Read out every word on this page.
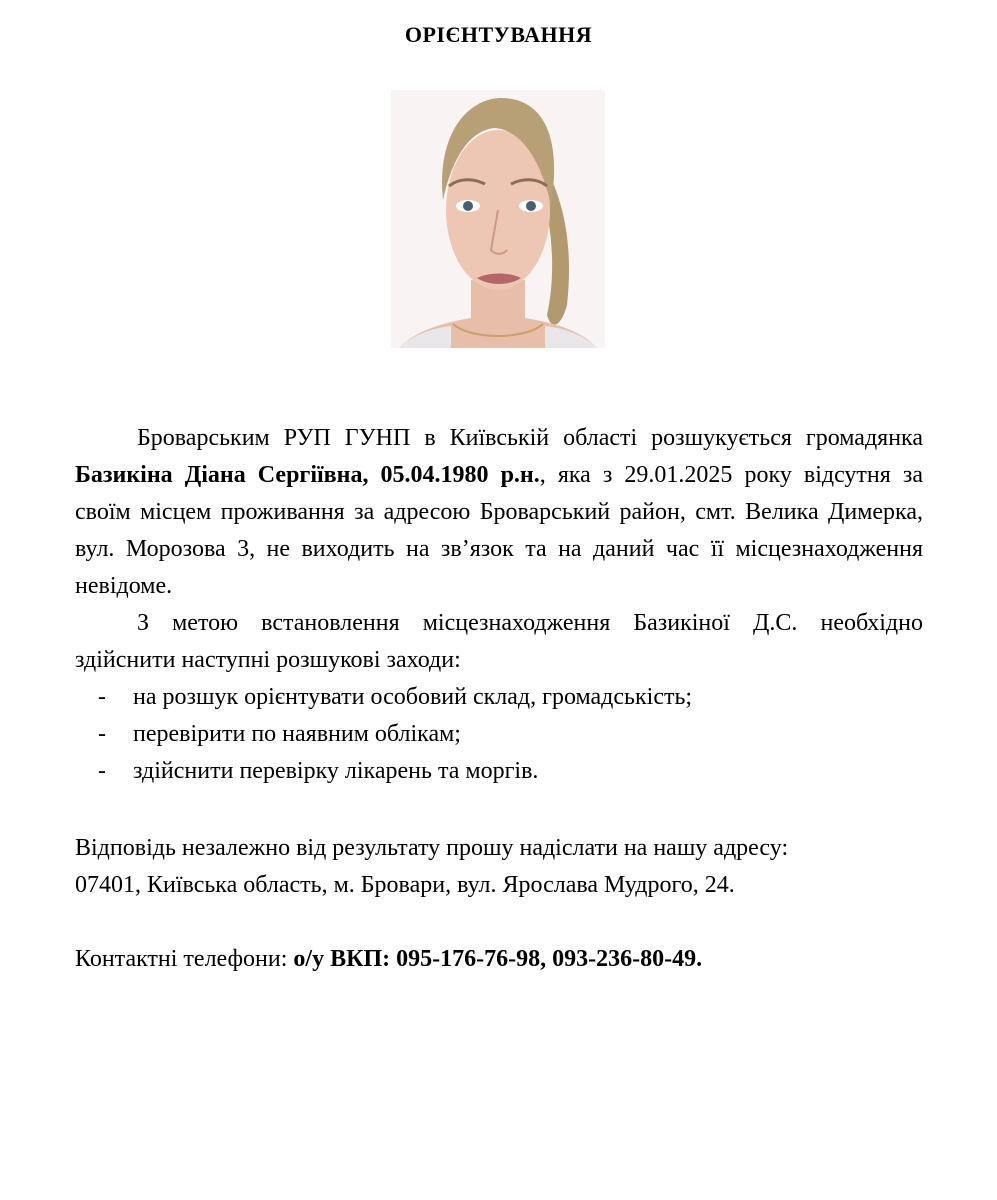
ОРІЄНТУВАННЯ

Броварським РУП ГУНП в Київській області розшукується громадянка Базикіна Діана Сергіївна, 05.04.1980 р.н., яка з 29.01.2025 року відсутня за своїм місцем проживання за адресою Броварський район, смт. Велика Димерка, вул. Морозова 3, не виходить на зв’язок та на даний час її місцезнаходження невідоме.

З метою встановлення місцезнаходження Базикіної Д.С. необхідно здійснити наступні розшукові заходи:

- на розшук орієнтувати особовий склад, громадськість;
- перевірити по наявним облікам;
- здійснити перевірку лікарень та моргів.
Відповідь незалежно від результату прошу надіслати на нашу адресу:
07401, Київська область, м. Бровари, вул. Ярослава Мудрого, 24.
Контактні телефони: о/у ВКП: 095-176-76-98, 093-236-80-49.
